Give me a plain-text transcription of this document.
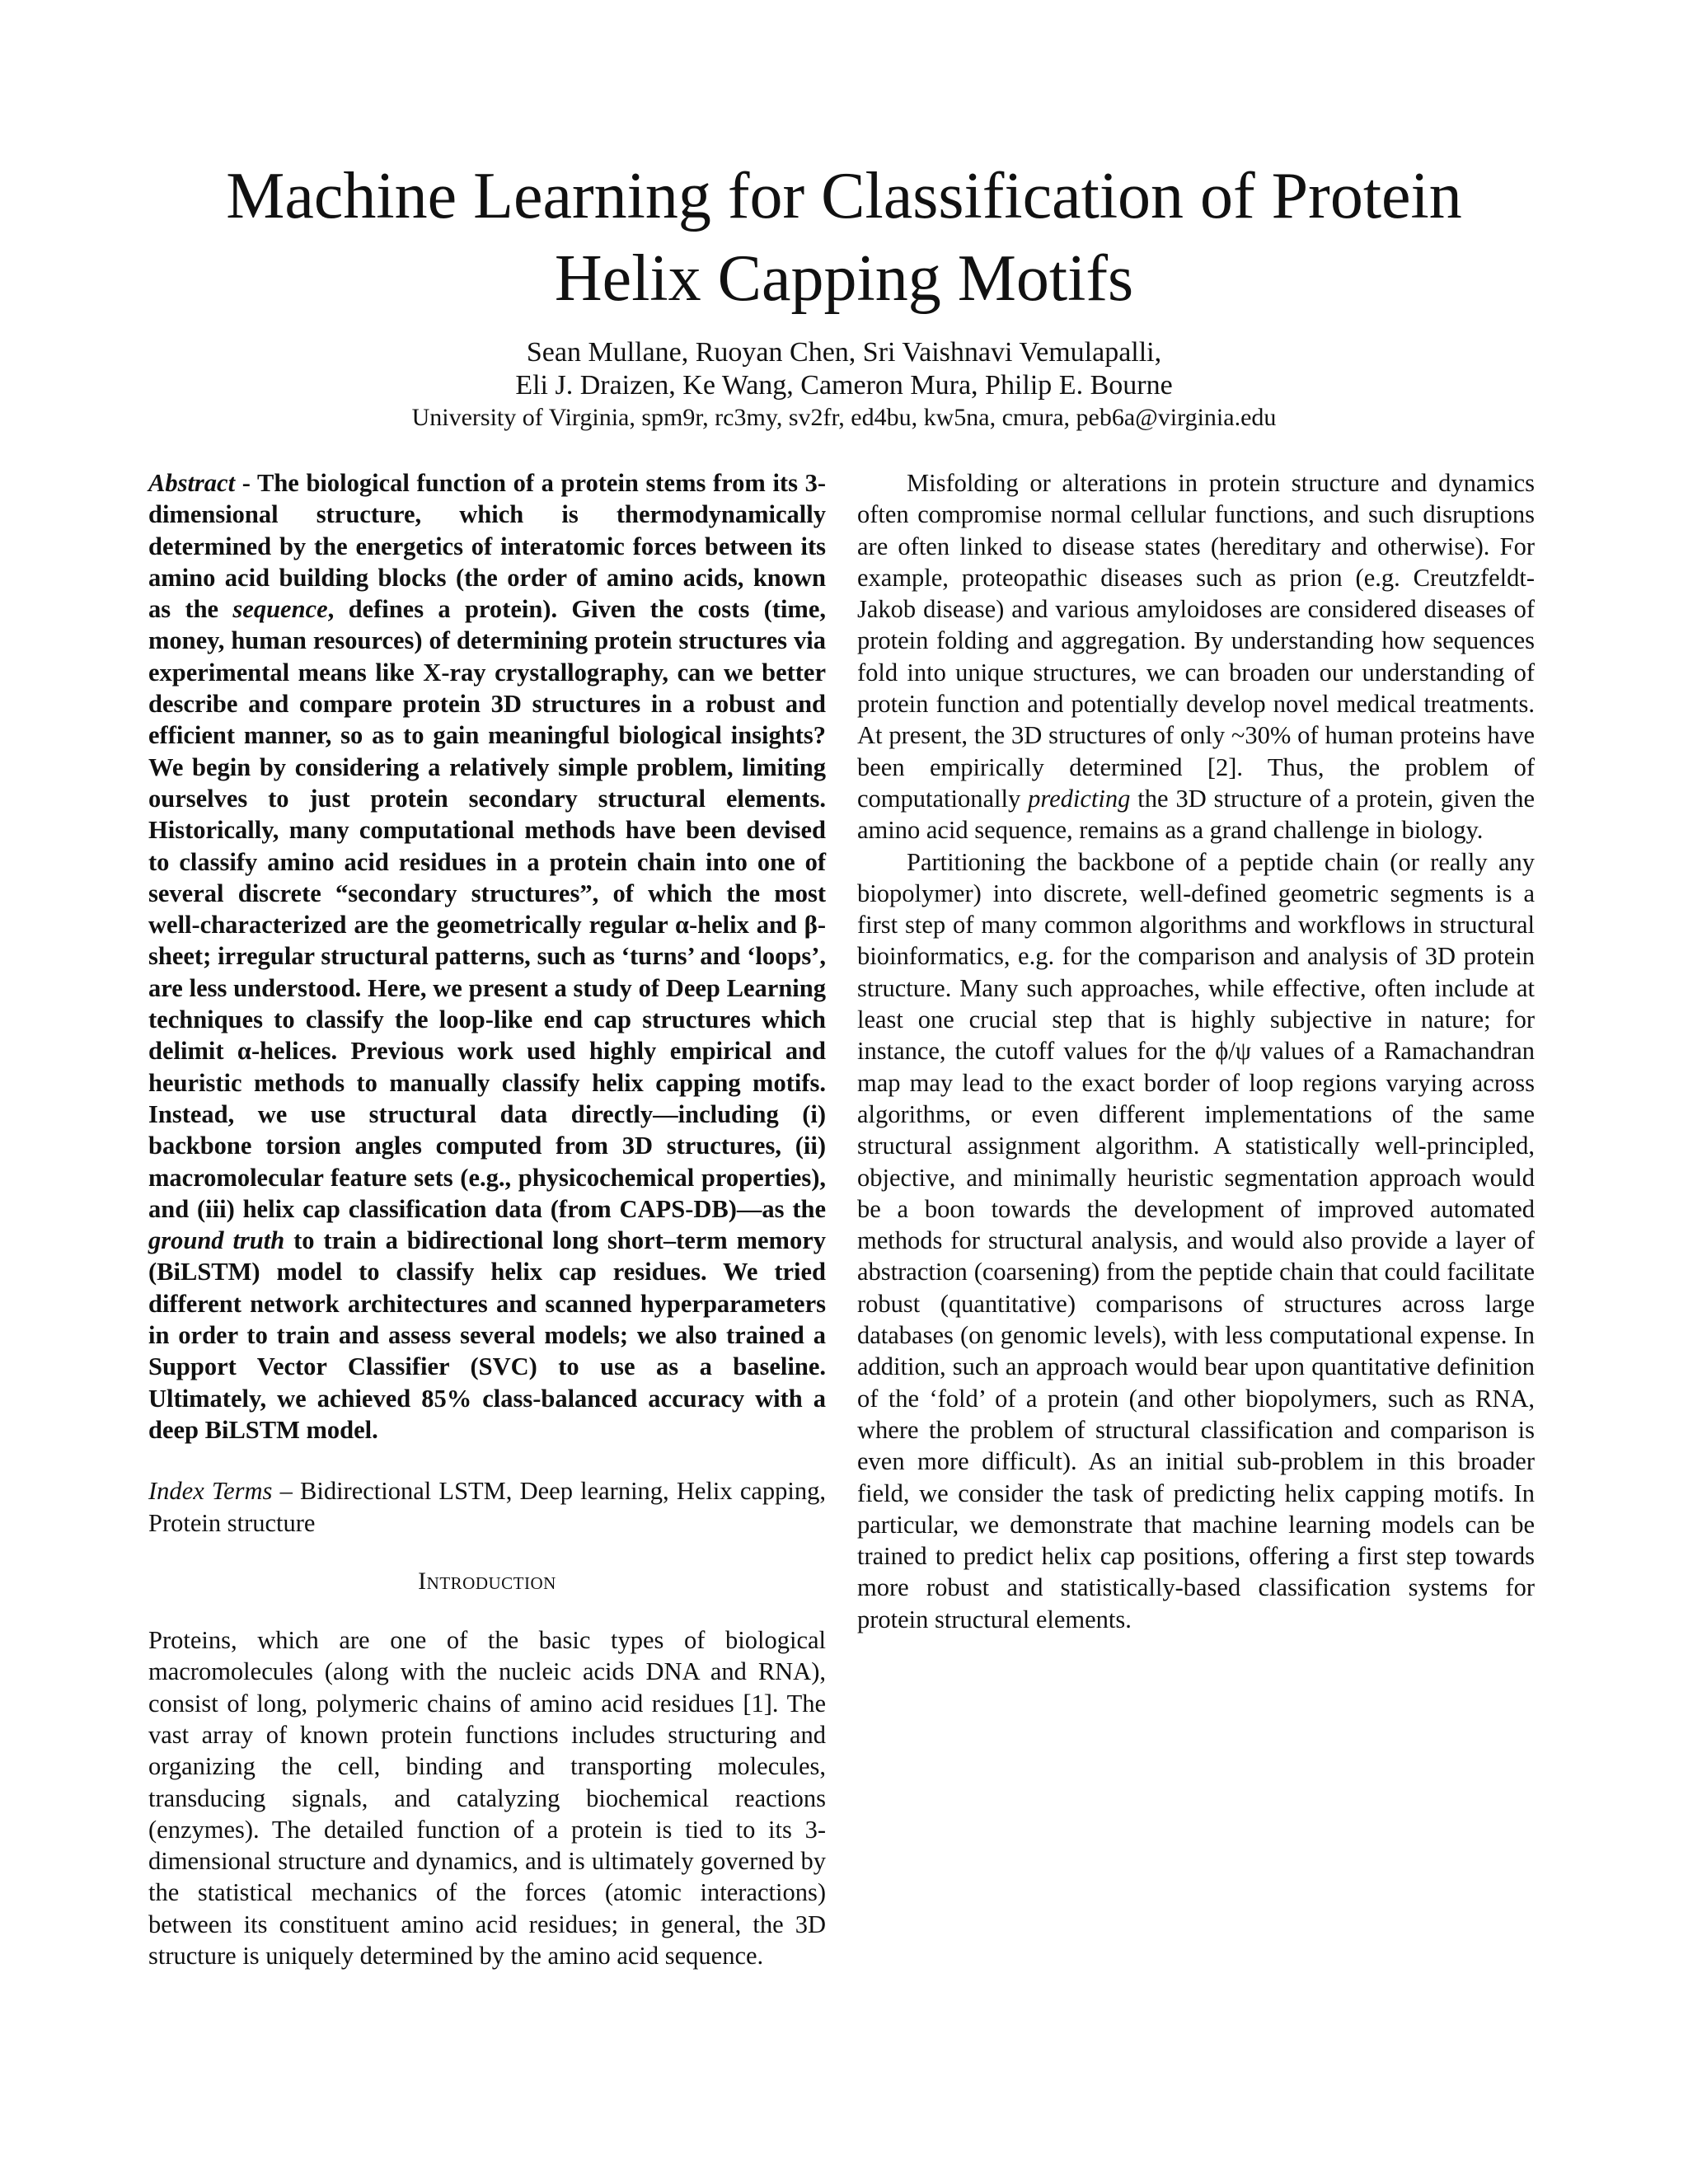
Machine Learning for Classification of Protein
Helix Capping Motifs
Sean Mullane, Ruoyan Chen, Sri Vaishnavi Vemulapalli,
Eli J. Draizen, Ke Wang, Cameron Mura, Philip E. Bourne
University of Virginia, spm9r, rc3my, sv2fr, ed4bu, kw5na, cmura, peb6a@virginia.edu

Abstract - The biological function of a protein stems from its 3-dimensional structure, which is thermodynamically determined by the energetics of interatomic forces between its amino acid building blocks (the order of amino acids, known as the sequence, defines a protein). Given the costs (time, money, human resources) of determining protein structures via experimental means like X-ray crystallography, can we better describe and compare protein 3D structures in a robust and efficient manner, so as to gain meaningful biological insights? We begin by considering a relatively simple problem, limiting ourselves to just protein secondary structural elements. Historically, many computational methods have been devised to classify amino acid residues in a protein chain into one of several discrete “secondary structures”, of which the most well-characterized are the geometrically regular α-helix and β-sheet; irregular structural patterns, such as ‘turns’ and ‘loops’, are less understood. Here, we present a study of Deep Learning techniques to classify the loop-like end cap structures which delimit α-helices. Previous work used highly empirical and heuristic methods to manually classify helix capping motifs. Instead, we use structural data directly—including (i) backbone torsion angles computed from 3D structures, (ii) macromolecular feature sets (e.g., physicochemical properties), and (iii) helix cap classification data (from CAPS-DB)—as the ground truth to train a bidirectional long short–term memory (BiLSTM) model to classify helix cap residues. We tried different network architectures and scanned hyperparameters in order to train and assess several models; we also trained a Support Vector Classifier (SVC) to use as a baseline. Ultimately, we achieved 85% class-balanced accuracy with a deep BiLSTM model.

Index Terms – Bidirectional LSTM, Deep learning, Helix capping, Protein structure

Introduction

Proteins, which are one of the basic types of biological macromolecules (along with the nucleic acids DNA and RNA), consist of long, polymeric chains of amino acid residues [1]. The vast array of known protein functions includes structuring and organizing the cell, binding and transporting molecules, transducing signals, and catalyzing biochemical reactions (enzymes). The detailed function of a protein is tied to its 3-dimensional structure and dynamics, and is ultimately governed by the statistical mechanics of the forces (atomic interactions) between its constituent amino acid residues; in general, the 3D structure is uniquely determined by the amino acid sequence.

Misfolding or alterations in protein structure and dynamics often compromise normal cellular functions, and such disruptions are often linked to disease states (hereditary and otherwise). For example, proteopathic diseases such as prion (e.g. Creutzfeldt-Jakob disease) and various amyloidoses are considered diseases of protein folding and aggregation. By understanding how sequences fold into unique structures, we can broaden our understanding of protein function and potentially develop novel medical treatments. At present, the 3D structures of only ~30% of human proteins have been empirically determined [2]. Thus, the problem of computationally predicting the 3D structure of a protein, given the amino acid sequence, remains as a grand challenge in biology.

Partitioning the backbone of a peptide chain (or really any biopolymer) into discrete, well-defined geometric segments is a first step of many common algorithms and workflows in structural bioinformatics, e.g. for the comparison and analysis of 3D protein structure. Many such approaches, while effective, often include at least one crucial step that is highly subjective in nature; for instance, the cutoff values for the ϕ/ψ values of a Ramachandran map may lead to the exact border of loop regions varying across algorithms, or even different implementations of the same structural assignment algorithm. A statistically well-principled, objective, and minimally heuristic segmentation approach would be a boon towards the development of improved automated methods for structural analysis, and would also provide a layer of abstraction (coarsening) from the peptide chain that could facilitate robust (quantitative) comparisons of structures across large databases (on genomic levels), with less computational expense. In addition, such an approach would bear upon quantitative definition of the ‘fold’ of a protein (and other biopolymers, such as RNA, where the problem of structural classification and comparison is even more difficult). As an initial sub-problem in this broader field, we consider the task of predicting helix capping motifs. In particular, we demonstrate that machine learning models can be trained to predict helix cap positions, offering a first step towards more robust and statistically-based classification systems for protein structural elements.
